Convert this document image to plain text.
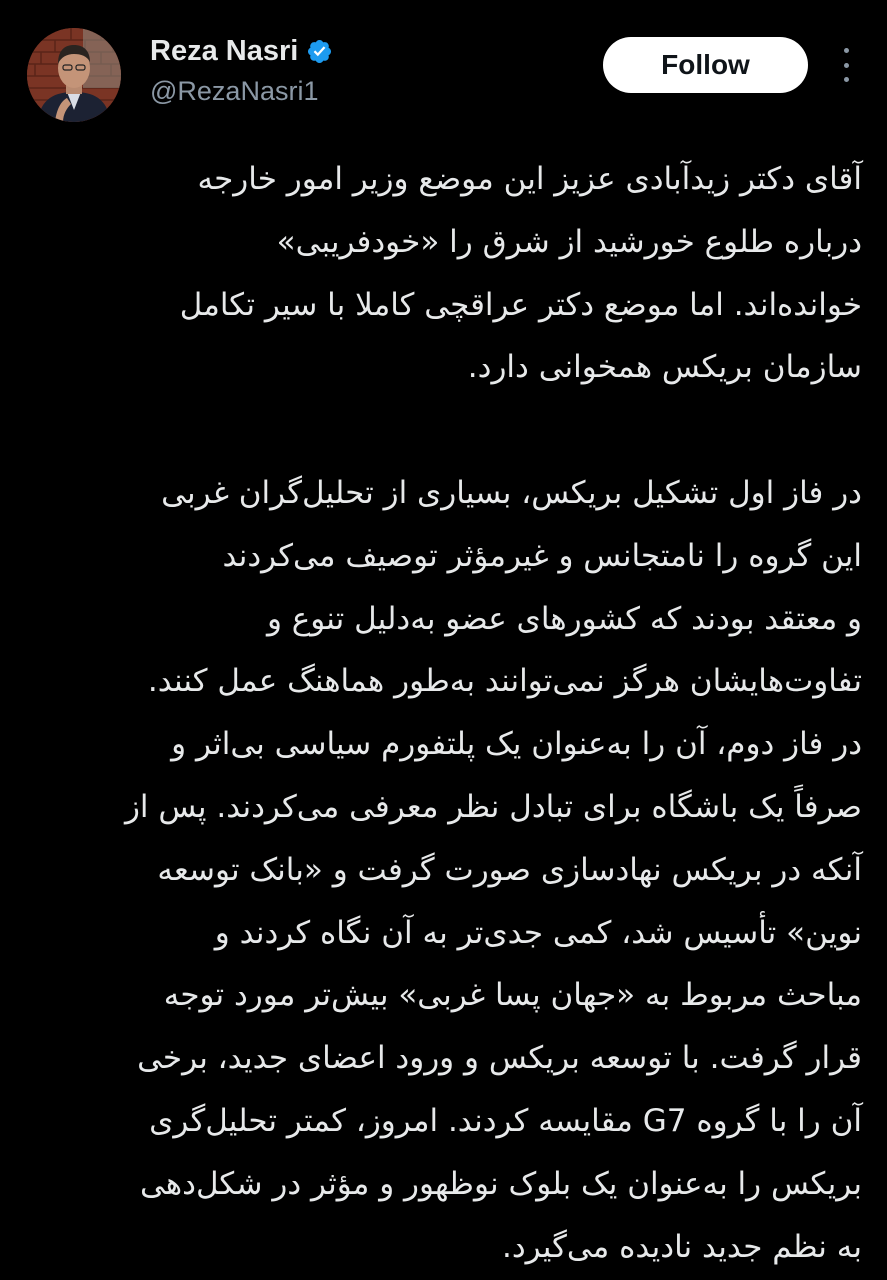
Reza Nasri
@RezaNasri1
Follow

آقای دکتر زیدآبادی عزیز این موضع وزیر امور خارجه
درباره طلوع خورشید از شرق را «خودفریبی»
خوانده‌اند. اما موضع دکتر عراقچی کاملا با سیر تکامل
سازمان بریکس همخوانی دارد.

در فاز اول تشکیل بریکس، بسیاری از تحلیل‌گران غربی
این گروه را نامتجانس و غیرمؤثر توصیف می‌کردند
و معتقد بودند که کشورهای عضو به‌دلیل تنوع و
تفاوت‌هایشان هرگز نمی‌توانند به‌طور هماهنگ عمل کنند.
در فاز دوم، آن را به‌عنوان یک پلتفورم سیاسی بی‌اثر و
صرفاً یک باشگاه برای تبادل نظر معرفی می‌کردند. پس از
آنکه در بریکس نهادسازی صورت گرفت و «بانک توسعه
نوین» تأسیس شد، کمی جدی‌تر به آن نگاه کردند و
مباحث مربوط به «جهان پسا غربی» بیش‌تر مورد توجه
قرار گرفت. با توسعه بریکس و ورود اعضای جدید، برخی
آن را با گروه G7 مقایسه کردند. امروز، کمتر تحلیل‌گری
بریکس را به‌عنوان یک بلوک نوظهور و مؤثر در شکل‌دهی
به نظم جدید نادیده می‌گیرد.
